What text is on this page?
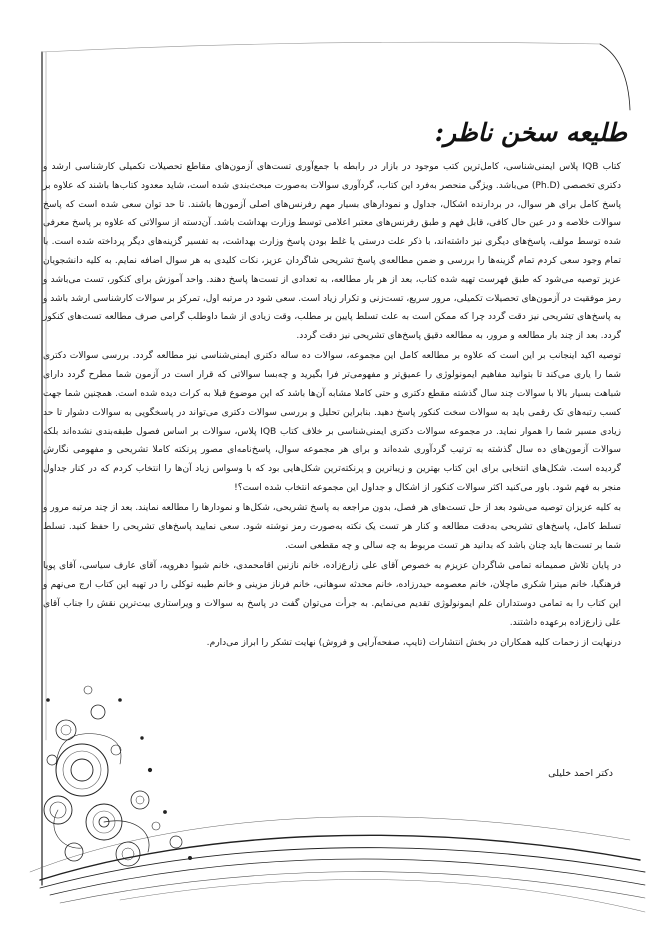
طلیعه سخن ناظر:

کتاب IQB پلاس ایمنی‌شناسی، کامل‌ترین کتب موجود در بازار در رابطه با جمع‌آوری تست‌های آزمون‌های مقاطع تحصیلات تکمیلی کارشناسی ارشد و دکتری تخصصی (Ph.D) می‌باشد. ویژگی منحصر به‌فرد این کتاب، گردآوری سوالات به‌صورت مبحث‌بندی شده است، شاید معدود کتاب‌ها باشند که علاوه بر پاسخ کامل برای هر سوال، در بردارنده اشکال، جداول و نمودارهای بسیار مهم رفرنس‌های اصلی آزمون‌ها باشند. تا حد توان سعی شده است که پاسخ سوالات خلاصه و در عین حال کافی، قابل فهم و طبق رفرنس‌های معتبر اعلامی توسط وزارت بهداشت باشد. آن‌دسته از سوالاتی که علاوه بر پاسخ معرفی شده توسط مولف، پاسخ‌های دیگری نیز داشته‌اند، با ذکر علت درستی یا غلط بودن پاسخ وزارت بهداشت، به تفسیر گزینه‌های دیگر پرداخته شده است. با تمام وجود سعی کردم تمام گزینه‌ها را بررسی و ضمن مطالعه‌ی پاسخ تشریحی شاگردان عزیز، نکات کلیدی به هر سوال اضافه نمایم. به کلیه دانشجویان عزیز توصیه می‌شود که طبق فهرست تهیه شده کتاب، بعد از هر بار مطالعه، به تعدادی از تست‌ها پاسخ دهند. واحد آموزش برای کنکور، تست می‌باشد و رمز موفقیت در آزمون‌های تحصیلات تکمیلی، مرور سریع، تست‌زنی و تکرار زیاد است. سعی شود در مرتبه اول، تمرکز بر سوالات کارشناسی ارشد باشد و به پاسخ‌های تشریحی نیز دقت گردد چرا که ممکن است به علت تسلط پایین بر مطلب، وقت زیادی از شما داوطلب گرامی صرف مطالعه تست‌های کنکور گردد. بعد از چند بار مطالعه و مرور، به مطالعه دقیق پاسخ‌های تشریحی نیز دقت گردد.

توصیه اکید اینجانب بر این است که علاوه بر مطالعه کامل این مجموعه، سوالات ده ساله دکتری ایمنی‌شناسی نیز مطالعه گردد. بررسی سوالات دکتری شما را یاری می‌کند تا بتوانید مفاهیم ایمونولوژی را عمیق‌تر و مفهومی‌تر فرا بگیرید و چه‌بسا سوالاتی که قرار است در آزمون شما مطرح گردد دارای شباهت بسیار بالا با سوالات چند سال گذشته مقطع دکتری و حتی کاملا مشابه آن‌ها باشد که این موضوع قبلا به کرات دیده شده است. همچنین شما جهت کسب رتبه‌های تک رقمی باید به سوالات سخت کنکور پاسخ دهید. بنابراین تحلیل و بررسی سوالات دکتری می‌تواند در پاسخگویی به سوالات دشوار تا حد زیادی مسیر شما را هموار نماید. در مجموعه سوالات دکتری ایمنی‌شناسی بر خلاف کتاب IQB پلاس، سوالات بر اساس فصول طبقه‌بندی نشده‌اند بلکه سوالات آزمون‌های ده سال گذشته به ترتیب گردآوری شده‌اند و برای هر مجموعه سوال، پاسخ‌نامه‌ای مصور پرنکته کاملا تشریحی و مفهومی نگارش گردیده است. شکل‌های انتخابی برای این کتاب بهترین و زیباترین و پرنکته‌ترین شکل‌هایی بود که با وسواس زیاد آن‌ها را انتخاب کردم که در کنار جداول منجر به فهم شود. باور می‌کنید اکثر سوالات کنکور از اشکال و جداول این مجموعه انتخاب شده است؟!

به کلیه عزیزان توصیه می‌شود بعد از حل تست‌های هر فصل، بدون مراجعه به پاسخ تشریحی، شکل‌ها و نمودارها را مطالعه نمایند. بعد از چند مرتبه مرور و تسلط کامل، پاسخ‌های تشریحی به‌دقت مطالعه و کنار هر تست یک نکته به‌صورت رمز نوشته شود. سعی نمایید پاسخ‌های تشریحی را حفظ کنید. تسلط شما بر تست‌ها باید چنان باشد که بدانید هر تست مربوط به چه سالی و چه مقطعی است.

در پایان تلاش صمیمانه تمامی شاگردان عزیزم به خصوص آقای علی زارع‌زاده، خانم نازنین اقامحمدی، خانم شیوا دهرویه، آقای عارف سیاسی، آقای پویا فرهنگیا، خانم میترا شکری ماچلان، خانم معصومه حیدرزاده، خانم محدثه سوهانی، خانم فرناز مزینی و خانم طیبه توکلی را در تهیه این کتاب ارج می‌نهم و این کتاب را به تمامی دوستداران علم ایمونولوژی تقدیم می‌نمایم. به جرأت می‌توان گفت در پاسخ به سوالات و ویراستاری بیت‌ترین نقش را جناب آقای علی زارع‌زاده برعهده داشتند.

درنهایت از زحمات کلیه همکاران در بخش انتشارات (تایپ، صفحه‌آرایی و فروش) نهایت تشکر را ابراز می‌دارم.

دکتر احمد خلیلی
